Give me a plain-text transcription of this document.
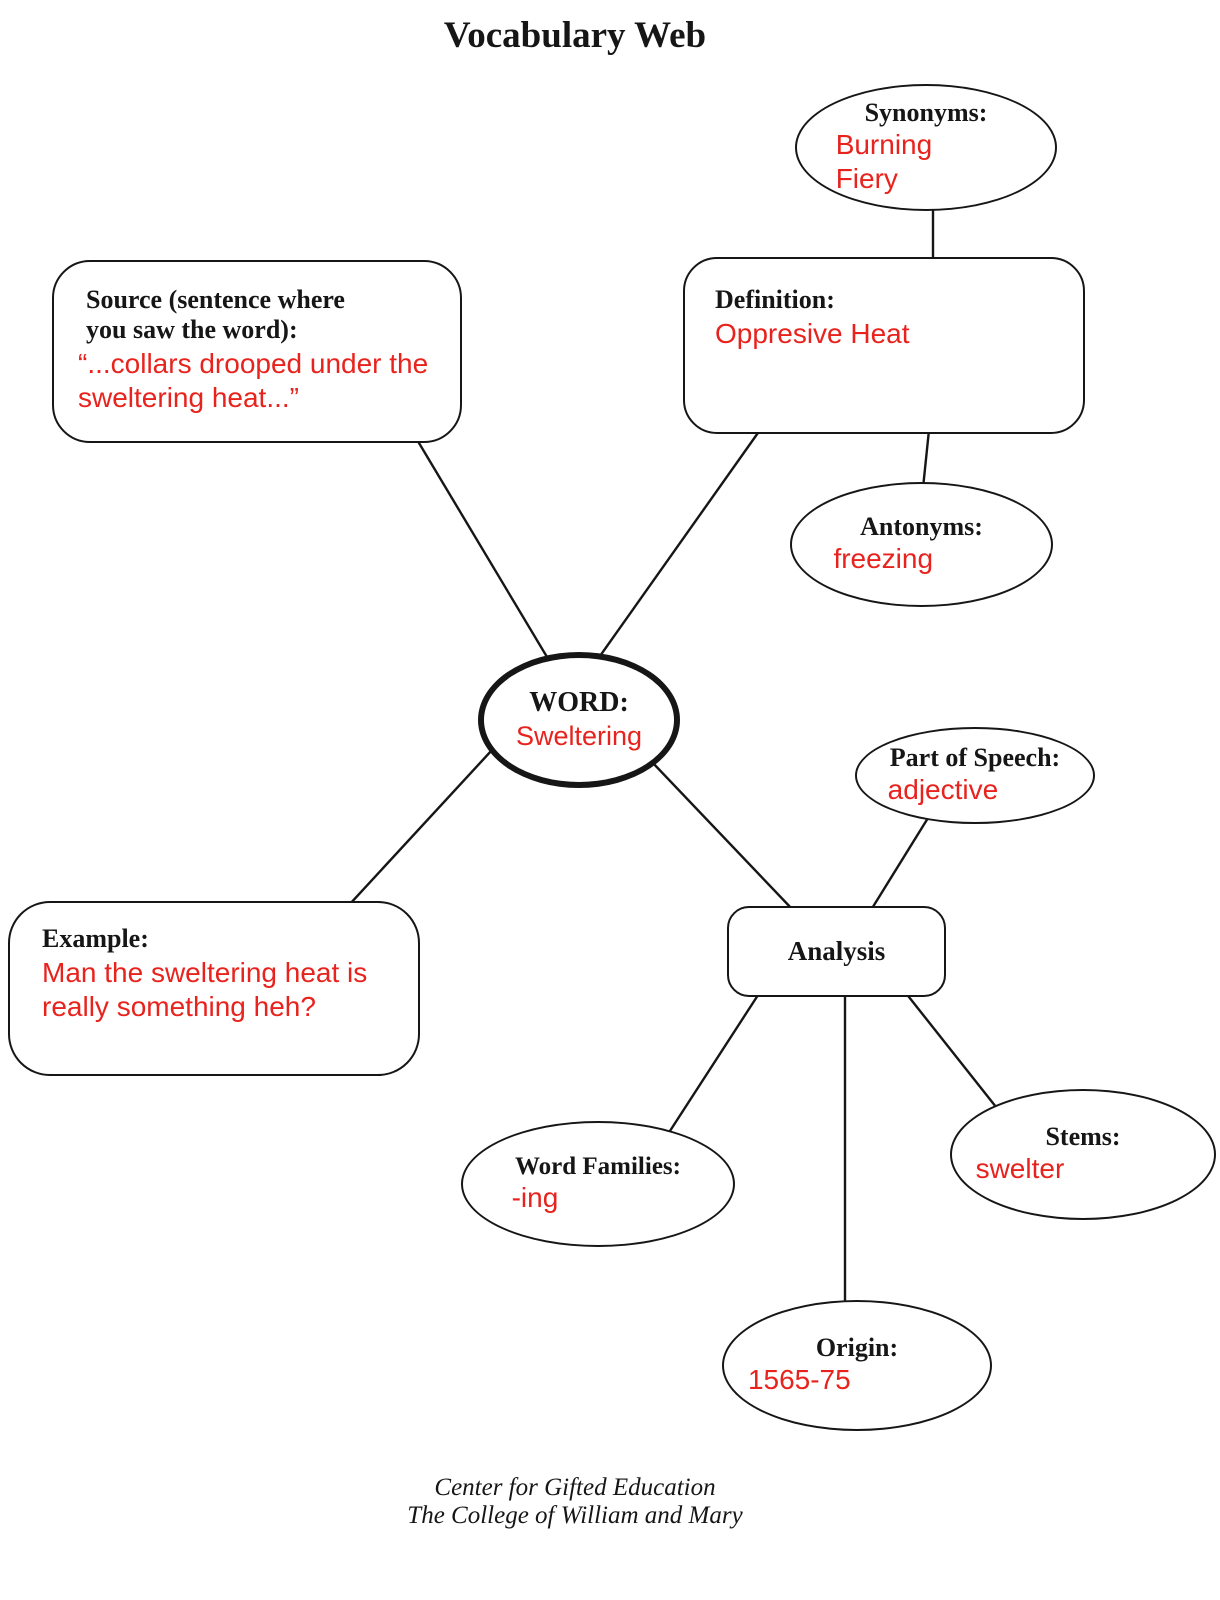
Vocabulary Web
Synonyms:
Burning
Fiery
Definition:
Oppresive Heat
Source (sentence where
you saw the word):
“...collars drooped under the
sweltering heat...”
Antonyms:
freezing
WORD:
Sweltering
Part of Speech:
adjective
Example:
Man the sweltering heat is
really something heh?
Analysis
Word Families:
-ing
Stems:
swelter
Origin:
1565-75
Center for Gifted Education
The College of William and Mary
